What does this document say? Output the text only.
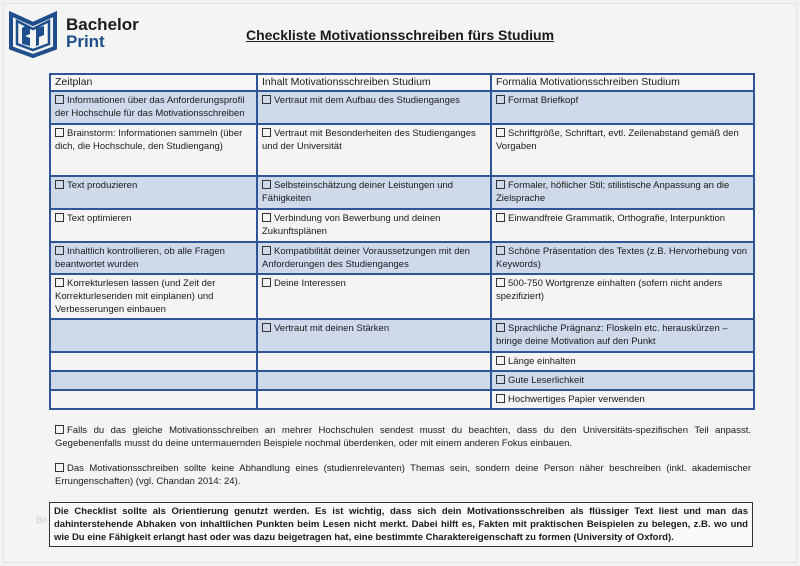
Bachelor
Print	Checkliste Motivationsschreiben fürs Studium
Zeitplan	Inhalt Motivationsschreiben Studium	Formalia Motivationsschreiben Studium
Informationen über das Anforderungsprofil der Hochschule für das Motivationsschreiben	Vertraut mit dem Aufbau des Studienganges	Format Briefkopf
Brainstorm: Informationen sammeln (über dich, die Hochschule, den Studiengang)	Vertraut mit Besonderheiten des Studienganges und der Universität	Schriftgröße, Schriftart, evtl. Zeilenabstand gemäß den Vorgaben
Text produzieren	Selbsteinschätzung deiner Leistungen und Fähigkeiten	Formaler, höflicher Stil; stilistische Anpassung an die Zielsprache
Text optimieren	Verbindung von Bewerbung und deinen Zukunftsplänen	Einwandfreie Grammatik, Orthografie, Interpunktion
Inhaltlich kontrollieren, ob alle Fragen beantwortet wurden	Kompatibilität deiner Voraussetzungen mit den Anforderungen des Studienganges	Schöne Präsentation des Textes (z.B. Hervorhebung von Keywords)
Korrekturlesen lassen (und Zeit der Korrekturlesenden mit einplanen) und Verbesserungen einbauen	Deine Interessen	500-750 Wortgrenze einhalten (sofern nicht anders spezifiziert)
	Vertraut mit deinen Stärken	Sprachliche Prägnanz: Floskeln etc. herauskürzen – bringe deine Motivation auf den Punkt
		Länge einhalten
		Gute Leserlichkeit
		Hochwertiges Papier verwenden
Falls du das gleiche Motivationsschreiben an mehrer Hochschulen sendest musst du beachten, dass du den Universitäts-spezifischen Teil anpasst. Gegebenenfalls musst du deine untermauernden Beispiele nochmal überdenken, oder mit einem anderen Fokus einbauen.
Das Motivationsschreiben sollte keine Abhandlung eines (studienrelevanten) Themas sein, sondern deine Person näher beschreiben (inkl. akademischer Errungenschaften) (vgl. Chandan 2014: 24).
Bo
Die Checklist sollte als Orientierung genutzt werden. Es ist wichtig, dass sich dein Motivationsschreiben als flüssiger Text liest und man das dahinterstehende Abhaken von inhaltlichen Punkten beim Lesen nicht merkt. Dabei hilft es, Fakten mit praktischen Beispielen zu belegen, z.B. wo und wie Du eine Fähigkeit erlangt hast oder was dazu beigetragen hat, eine bestimmte Charaktereigenschaft zu formen (University of Oxford).
